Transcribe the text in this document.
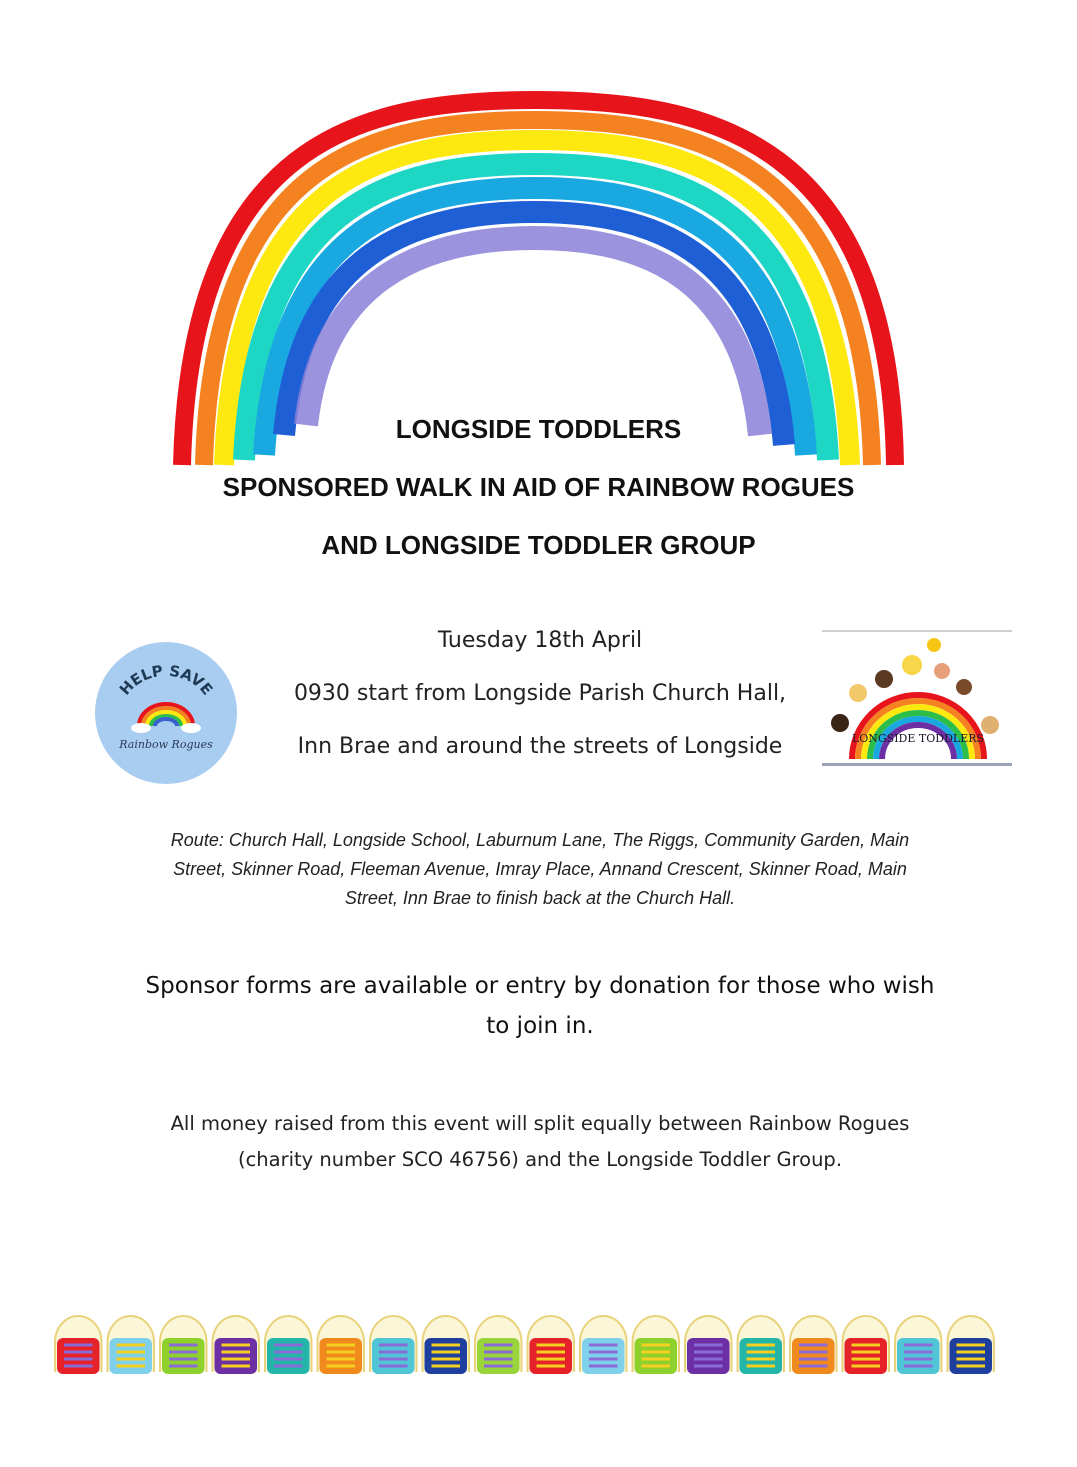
LONGSIDE TODDLERS
SPONSORED WALK IN AID OF RAINBOW ROGUES
AND LONGSIDE TODDLER GROUP
HELP SAVE
Rainbow Rogues
Tuesday 18th April
0930 start from Longside Parish Church Hall,
Inn Brae and around the streets of Longside	LONGSIDE TODDLERS
Route: Church Hall, Longside School, Laburnum Lane, The Riggs, Community Garden, Main
Street, Skinner Road, Fleeman Avenue, Imray Place, Annand Crescent, Skinner Road, Main
Street, Inn Brae to finish back at the Church Hall.
Sponsor forms are available or entry by donation for those who wish
to join in.
All money raised from this event will split equally between Rainbow Rogues
(charity number SCO 46756) and the Longside Toddler Group.
